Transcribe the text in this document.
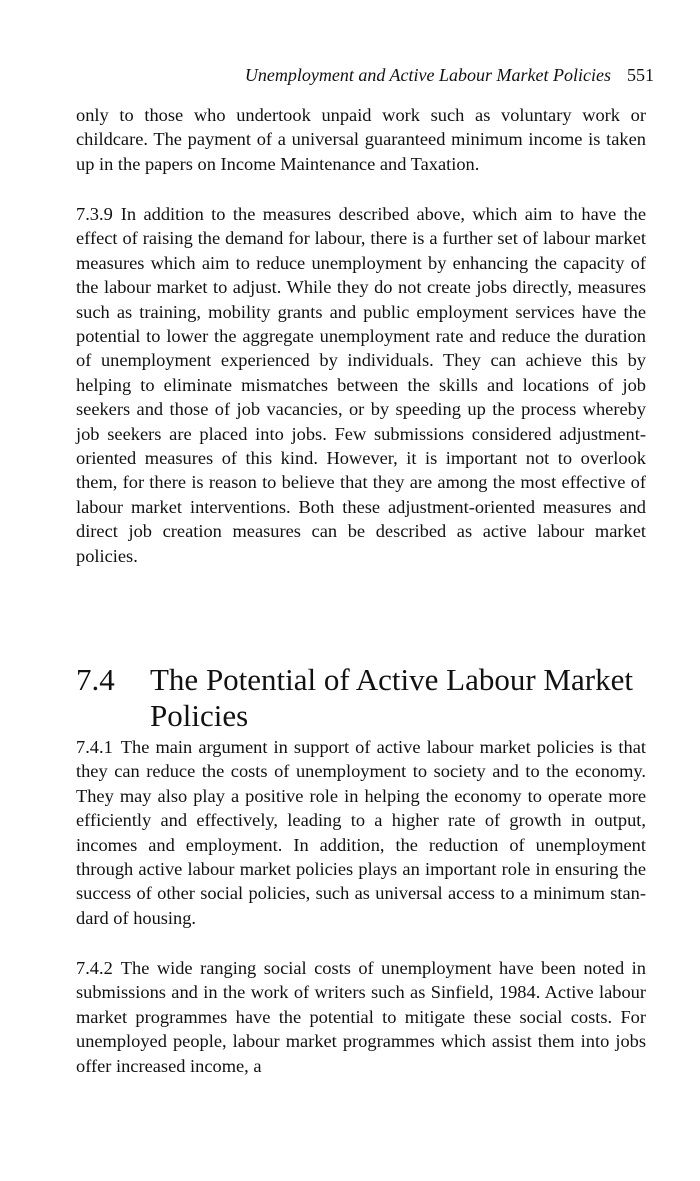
Unemployment and Active Labour Market Policies 551

only to those who undertook unpaid work such as voluntary work or childcare. The payment of a universal guaranteed minimum income is taken up in the papers on Income Maintenance and Taxation.

7.3.9 In addition to the measures described above, which aim to have the effect of raising the demand for labour, there is a further set of labour market measures which aim to reduce unemployment by enhancing the capacity of the labour market to adjust. While they do not create jobs directly, measures such as training, mobility grants and public employment services have the potential to lower the aggregate unemployment rate and reduce the duration of unemployment experienced by individuals. They can achieve this by helping to eliminate mismatches between the skills and locations of job seekers and those of job vacancies, or by speeding up the process whereby job seekers are placed into jobs. Few submissions considered adjustment-oriented measures of this kind. However, it is important not to overlook them, for there is reason to believe that they are among the most effective of labour market interventions. Both these adjustment-oriented measures and direct job creation measures can be described as active labour market policies.

7.4	The Potential of Active Labour Market Policies

7.4.1 The main argument in support of active labour market policies is that they can reduce the costs of unemployment to society and to the economy. They may also play a positive role in helping the economy to operate more efficiently and effectively, leading to a higher rate of growth in output, incomes and employment. In addition, the reduction of unemployment through active labour market policies plays an important role in ensuring the success of other social policies, such as universal access to a minimum standard of housing.

7.4.2 The wide ranging social costs of unemployment have been noted in submissions and in the work of writers such as Sinfield, 1984. Active labour market programmes have the potential to mitigate these social costs. For unemployed people, labour market programmes which assist them into jobs offer increased income, a
